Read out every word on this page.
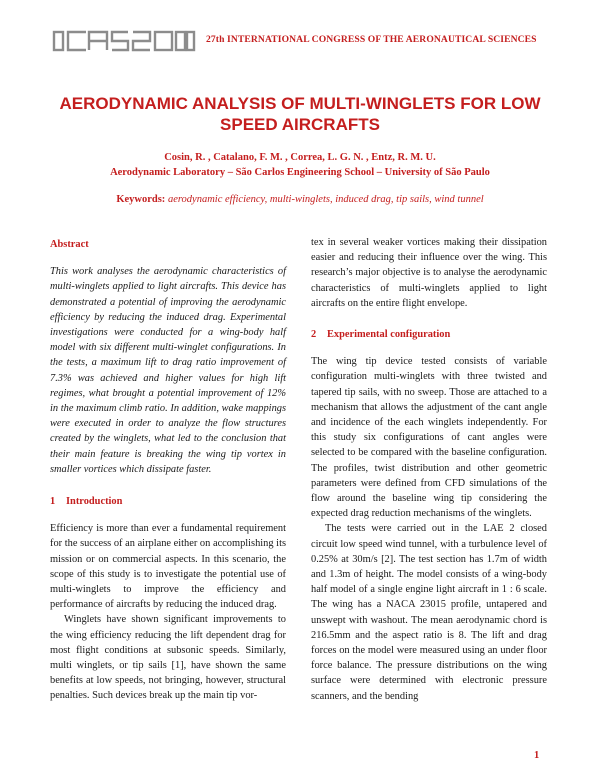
27th INTERNATIONAL CONGRESS OF THE AERONAUTICAL SCIENCES
AERODYNAMIC ANALYSIS OF MULTI-WINGLETS FOR LOW SPEED AIRCRAFTS
Cosin, R. , Catalano, F. M. , Correa, L. G. N. , Entz, R. M. U.
Aerodynamic Laboratory – São Carlos Engineering School – University of São Paulo
Keywords: aerodynamic efficiency, multi-winglets, induced drag, tip sails, wind tunnel

Abstract

This work analyses the aerodynamic characteristics of multi-winglets applied to light aircrafts. This device has demonstrated a potential of improving the aerodynamic efficiency by reducing the induced drag. Experimental investigations were conducted for a wing-body half model with six different multi-winglet configurations. In the tests, a maximum lift to drag ratio improvement of 7.3% was achieved and higher values for high lift regimes, what brought a potential improvement of 12% in the maximum climb ratio. In addition, wake mappings were executed in order to analyze the flow structures created by the winglets, what led to the conclusion that their main feature is breaking the wing tip vortex in smaller vortices which dissipate faster.

1 Introduction

Efficiency is more than ever a fundamental requirement for the success of an airplane either on accomplishing its mission or on commercial aspects. In this scenario, the scope of this study is to investigate the potential use of multi-winglets to improve the efficiency and performance of aircrafts by reducing the induced drag.

Winglets have shown significant improvements to the wing efficiency reducing the lift dependent drag for most flight conditions at subsonic speeds. Similarly, multi winglets, or tip sails [1], have shown the same benefits at low speeds, not bringing, however, structural penalties. Such devices break up the main tip vor-

tex in several weaker vortices making their dissipation easier and reducing their influence over the wing. This research’s major objective is to analyse the aerodynamic characteristics of multi-winglets applied to light aircrafts on the entire flight envelope.

2 Experimental configuration

The wing tip device tested consists of variable configuration multi-winglets with three twisted and tapered tip sails, with no sweep. Those are attached to a mechanism that allows the adjustment of the cant angle and incidence of the each winglets independently. For this study six configurations of cant angles were selected to be compared with the baseline configuration. The profiles, twist distribution and other geometric parameters were defined from CFD simulations of the flow around the baseline wing tip considering the expected drag reduction mechanisms of the winglets.

The tests were carried out in the LAE 2 closed circuit low speed wind tunnel, with a turbulence level of 0.25% at 30m/s [2]. The test section has 1.7m of width and 1.3m of height. The model consists of a wing-body half model of a single engine light aircraft in 1 : 6 scale. The wing has a NACA 23015 profile, untapered and unswept with washout. The mean aerodynamic chord is 216.5mm and the aspect ratio is 8. The lift and drag forces on the model were measured using an under floor force balance. The pressure distributions on the wing surface were determined with electronic pressure scanners, and the bending

1
